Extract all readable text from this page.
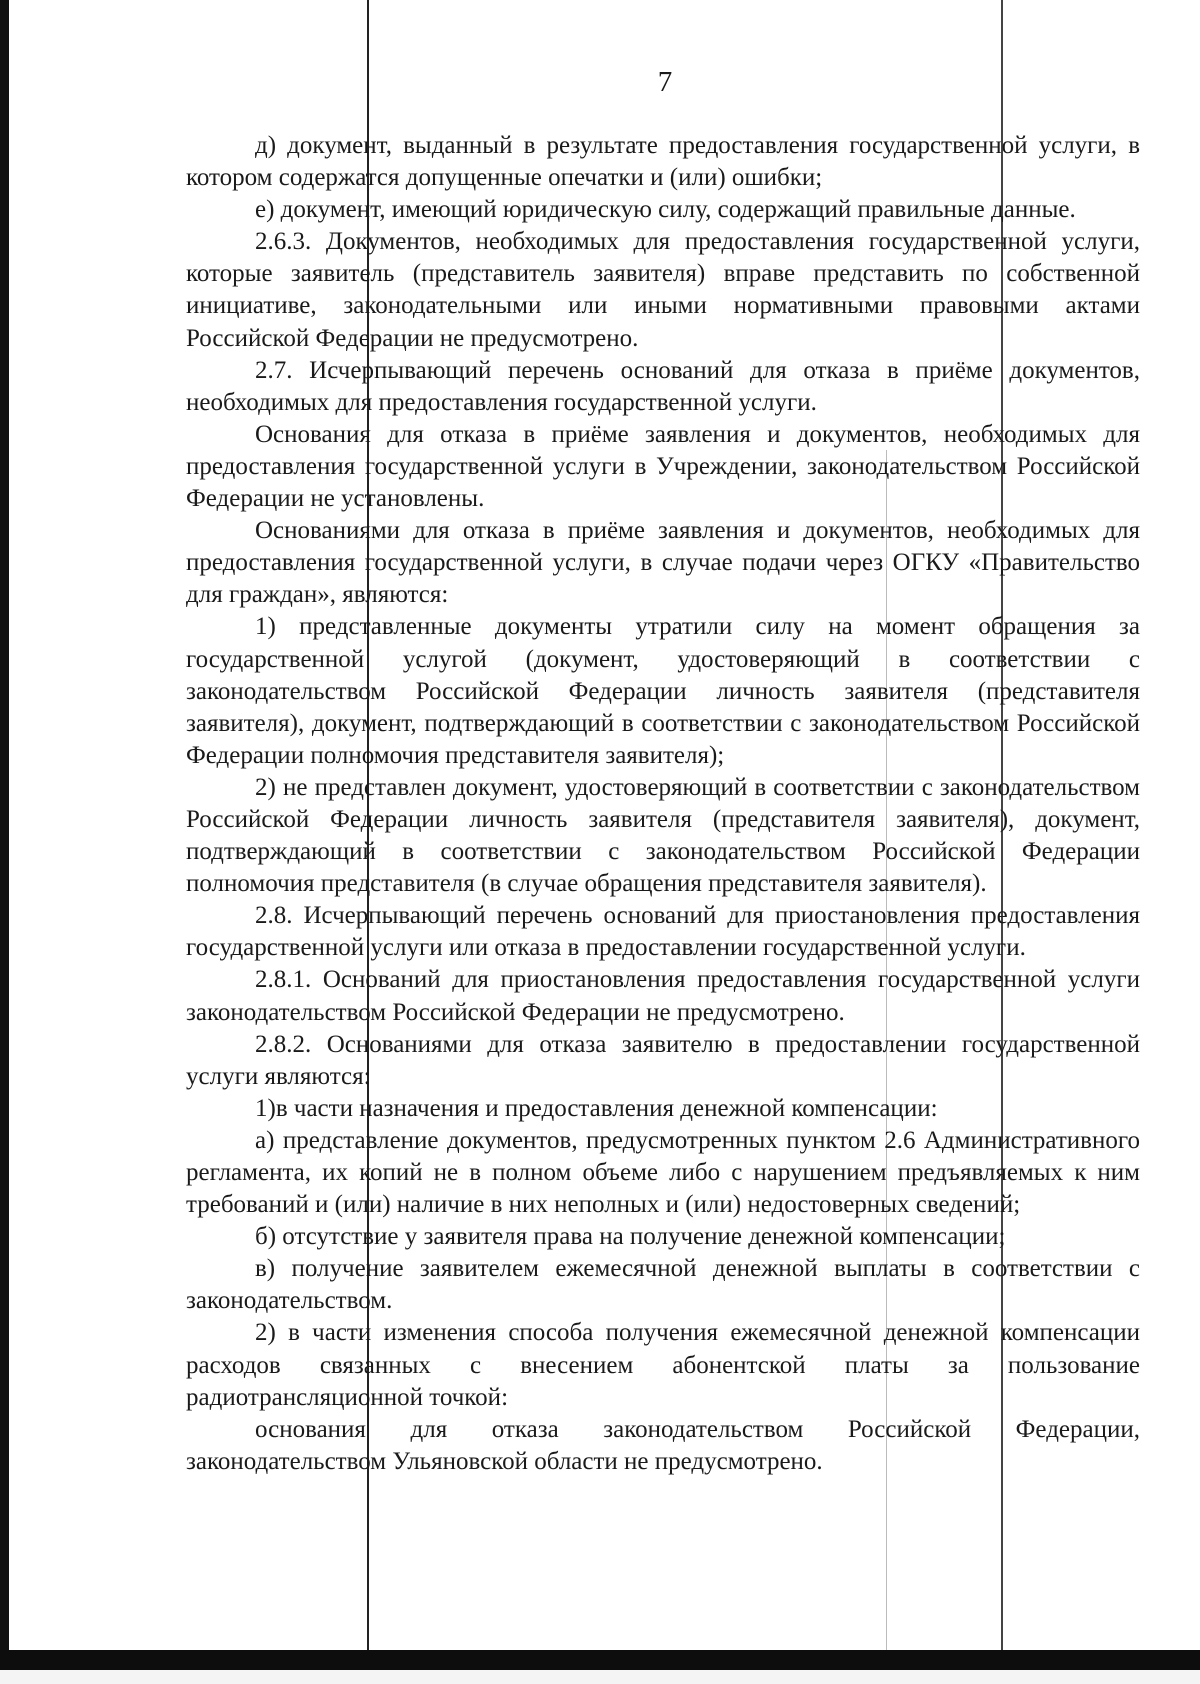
7

д) документ, выданный в результате предоставления государственной услуги, в котором содержатся допущенные опечатки и (или) ошибки;

е) документ, имеющий юридическую силу, содержащий правильные данные.

2.6.3. Документов, необходимых для предоставления государственной услуги, которые заявитель (представитель заявителя) вправе представить по собственной инициативе, законодательными или иными нормативными правовыми актами Российской Федерации не предусмотрено.

2.7. Исчерпывающий перечень оснований для отказа в приёме документов, необходимых для предоставления государственной услуги.

Основания для отказа в приёме заявления и документов, необходимых для предоставления государственной услуги в Учреждении, законодательством Российской Федерации не установлены.

Основаниями для отказа в приёме заявления и документов, необходимых для предоставления государственной услуги, в случае подачи через ОГКУ «Правительство для граждан», являются:

1) представленные документы утратили силу на момент обращения за государственной услугой (документ, удостоверяющий в соответствии с законодательством Российской Федерации личность заявителя (представителя заявителя), документ, подтверждающий в соответствии с законодательством Российской Федерации полномочия представителя заявителя);

2) не представлен документ, удостоверяющий в соответствии с законодательством Российской Федерации личность заявителя (представителя заявителя), документ, подтверждающий в соответствии с законодательством Российской Федерации полномочия представителя (в случае обращения представителя заявителя).

2.8. Исчерпывающий перечень оснований для приостановления предоставления государственной услуги или отказа в предоставлении государственной услуги.

2.8.1. Оснований для приостановления предоставления государственной услуги законодательством Российской Федерации не предусмотрено.

2.8.2. Основаниями для отказа заявителю в предоставлении государственной услуги являются:

1)в части назначения и предоставления денежной компенсации:

а) представление документов, предусмотренных пунктом 2.6 Административного регламента, их копий не в полном объеме либо с нарушением предъявляемых к ним требований и (или) наличие в них неполных и (или) недостоверных сведений;

б) отсутствие у заявителя права на получение денежной компенсации;

в) получение заявителем ежемесячной денежной выплаты в соответствии с законодательством.

2) в части изменения способа получения ежемесячной денежной компенсации расходов связанных с внесением абонентской платы за пользование радиотрансляционной точкой:

основания для отказа законодательством Российской Федерации, законодательством Ульяновской области не предусмотрено.
